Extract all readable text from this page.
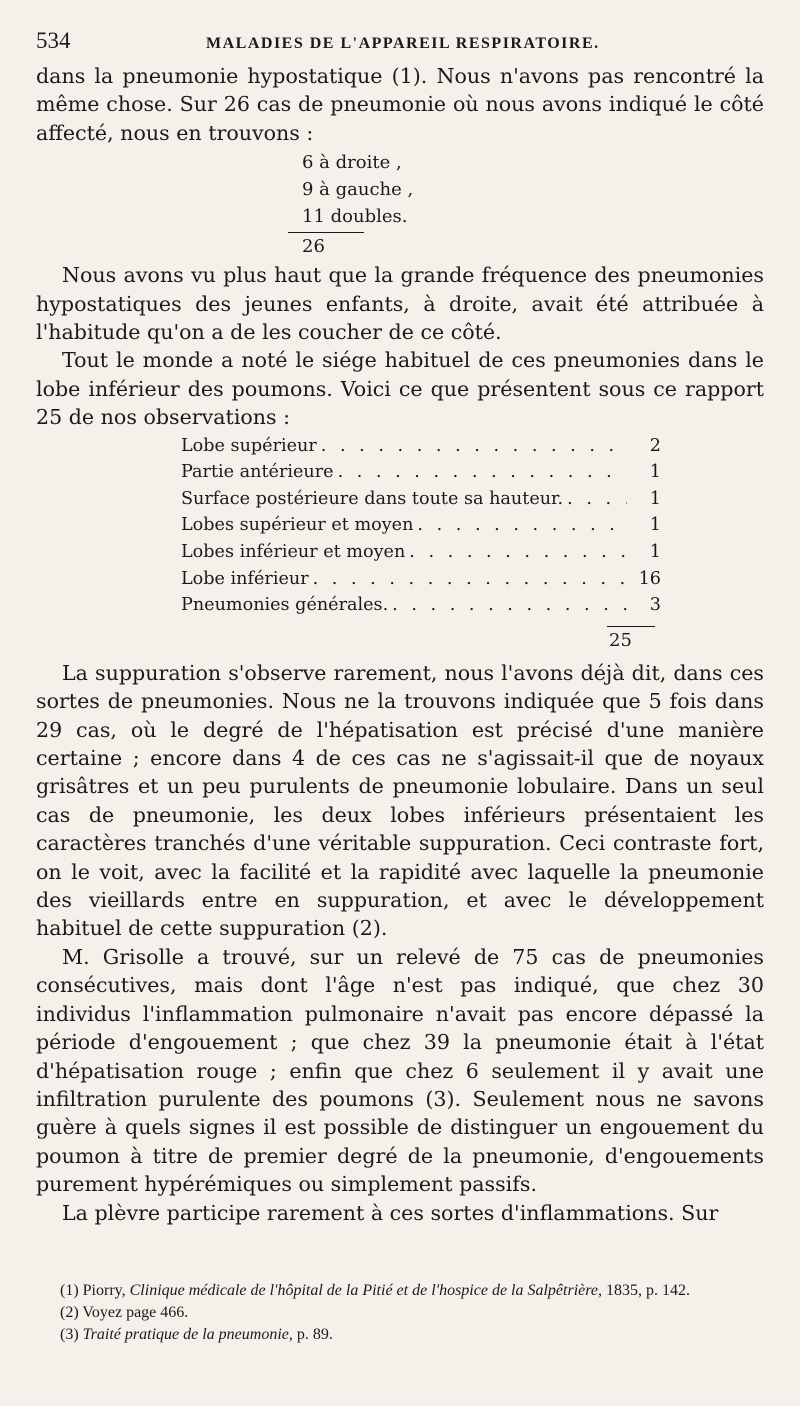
534	MALADIES DE L'APPAREIL RESPIRATOIRE.

dans la pneumonie hypostatique (1). Nous n'avons pas rencontré la même chose. Sur 26 cas de pneumonie où nous avons indiqué le côté affecté, nous en trouvons :

6 à droite ,
9 à gauche ,
11 doubles.
26

Nous avons vu plus haut que la grande fréquence des pneumonies hypostatiques des jeunes enfants, à droite, avait été attribuée à l'habitude qu'on a de les coucher de ce côté.

Tout le monde a noté le siége habituel de ces pneumonies dans le lobe inférieur des poumons. Voici ce que présentent sous ce rapport 25 de nos observations :

Lobe supérieur . . .	2
Partie antérieure . . .	1
Surface postérieure dans toute sa hauteur. . . .	1
Lobes supérieur et moyen . . .	1
Lobes inférieur et moyen . . .	1
Lobe inférieur . . .	16
Pneumonies générales. . . .	3
25

La suppuration s'observe rarement, nous l'avons déjà dit, dans ces sortes de pneumonies. Nous ne la trouvons indiquée que 5 fois dans 29 cas, où le degré de l'hépatisation est précisé d'une manière certaine ; encore dans 4 de ces cas ne s'agissait-il que de noyaux grisâtres et un peu purulents de pneumonie lobulaire. Dans un seul cas de pneumonie, les deux lobes inférieurs présentaient les caractères tranchés d'une véritable suppuration. Ceci contraste fort, on le voit, avec la facilité et la rapidité avec laquelle la pneumonie des vieillards entre en suppuration, et avec le développement habituel de cette suppuration (2).

M. Grisolle a trouvé, sur un relevé de 75 cas de pneumonies consécutives, mais dont l'âge n'est pas indiqué, que chez 30 individus l'inflammation pulmonaire n'avait pas encore dépassé la période d'engouement ; que chez 39 la pneumonie était à l'état d'hépatisation rouge ; enfin que chez 6 seulement il y avait une infiltration purulente des poumons (3). Seulement nous ne savons guère à quels signes il est possible de distinguer un engouement du poumon à titre de premier degré de la pneumonie, d'engouements purement hypérémiques ou simplement passifs.

La plèvre participe rarement à ces sortes d'inflammations. Sur

(1) Piorry, Clinique médicale de l'hôpital de la Pitié et de l'hospice de la Salpêtrière, 1835, p. 142.
(2) Voyez page 466.
(3) Traité pratique de la pneumonie, p. 89.
